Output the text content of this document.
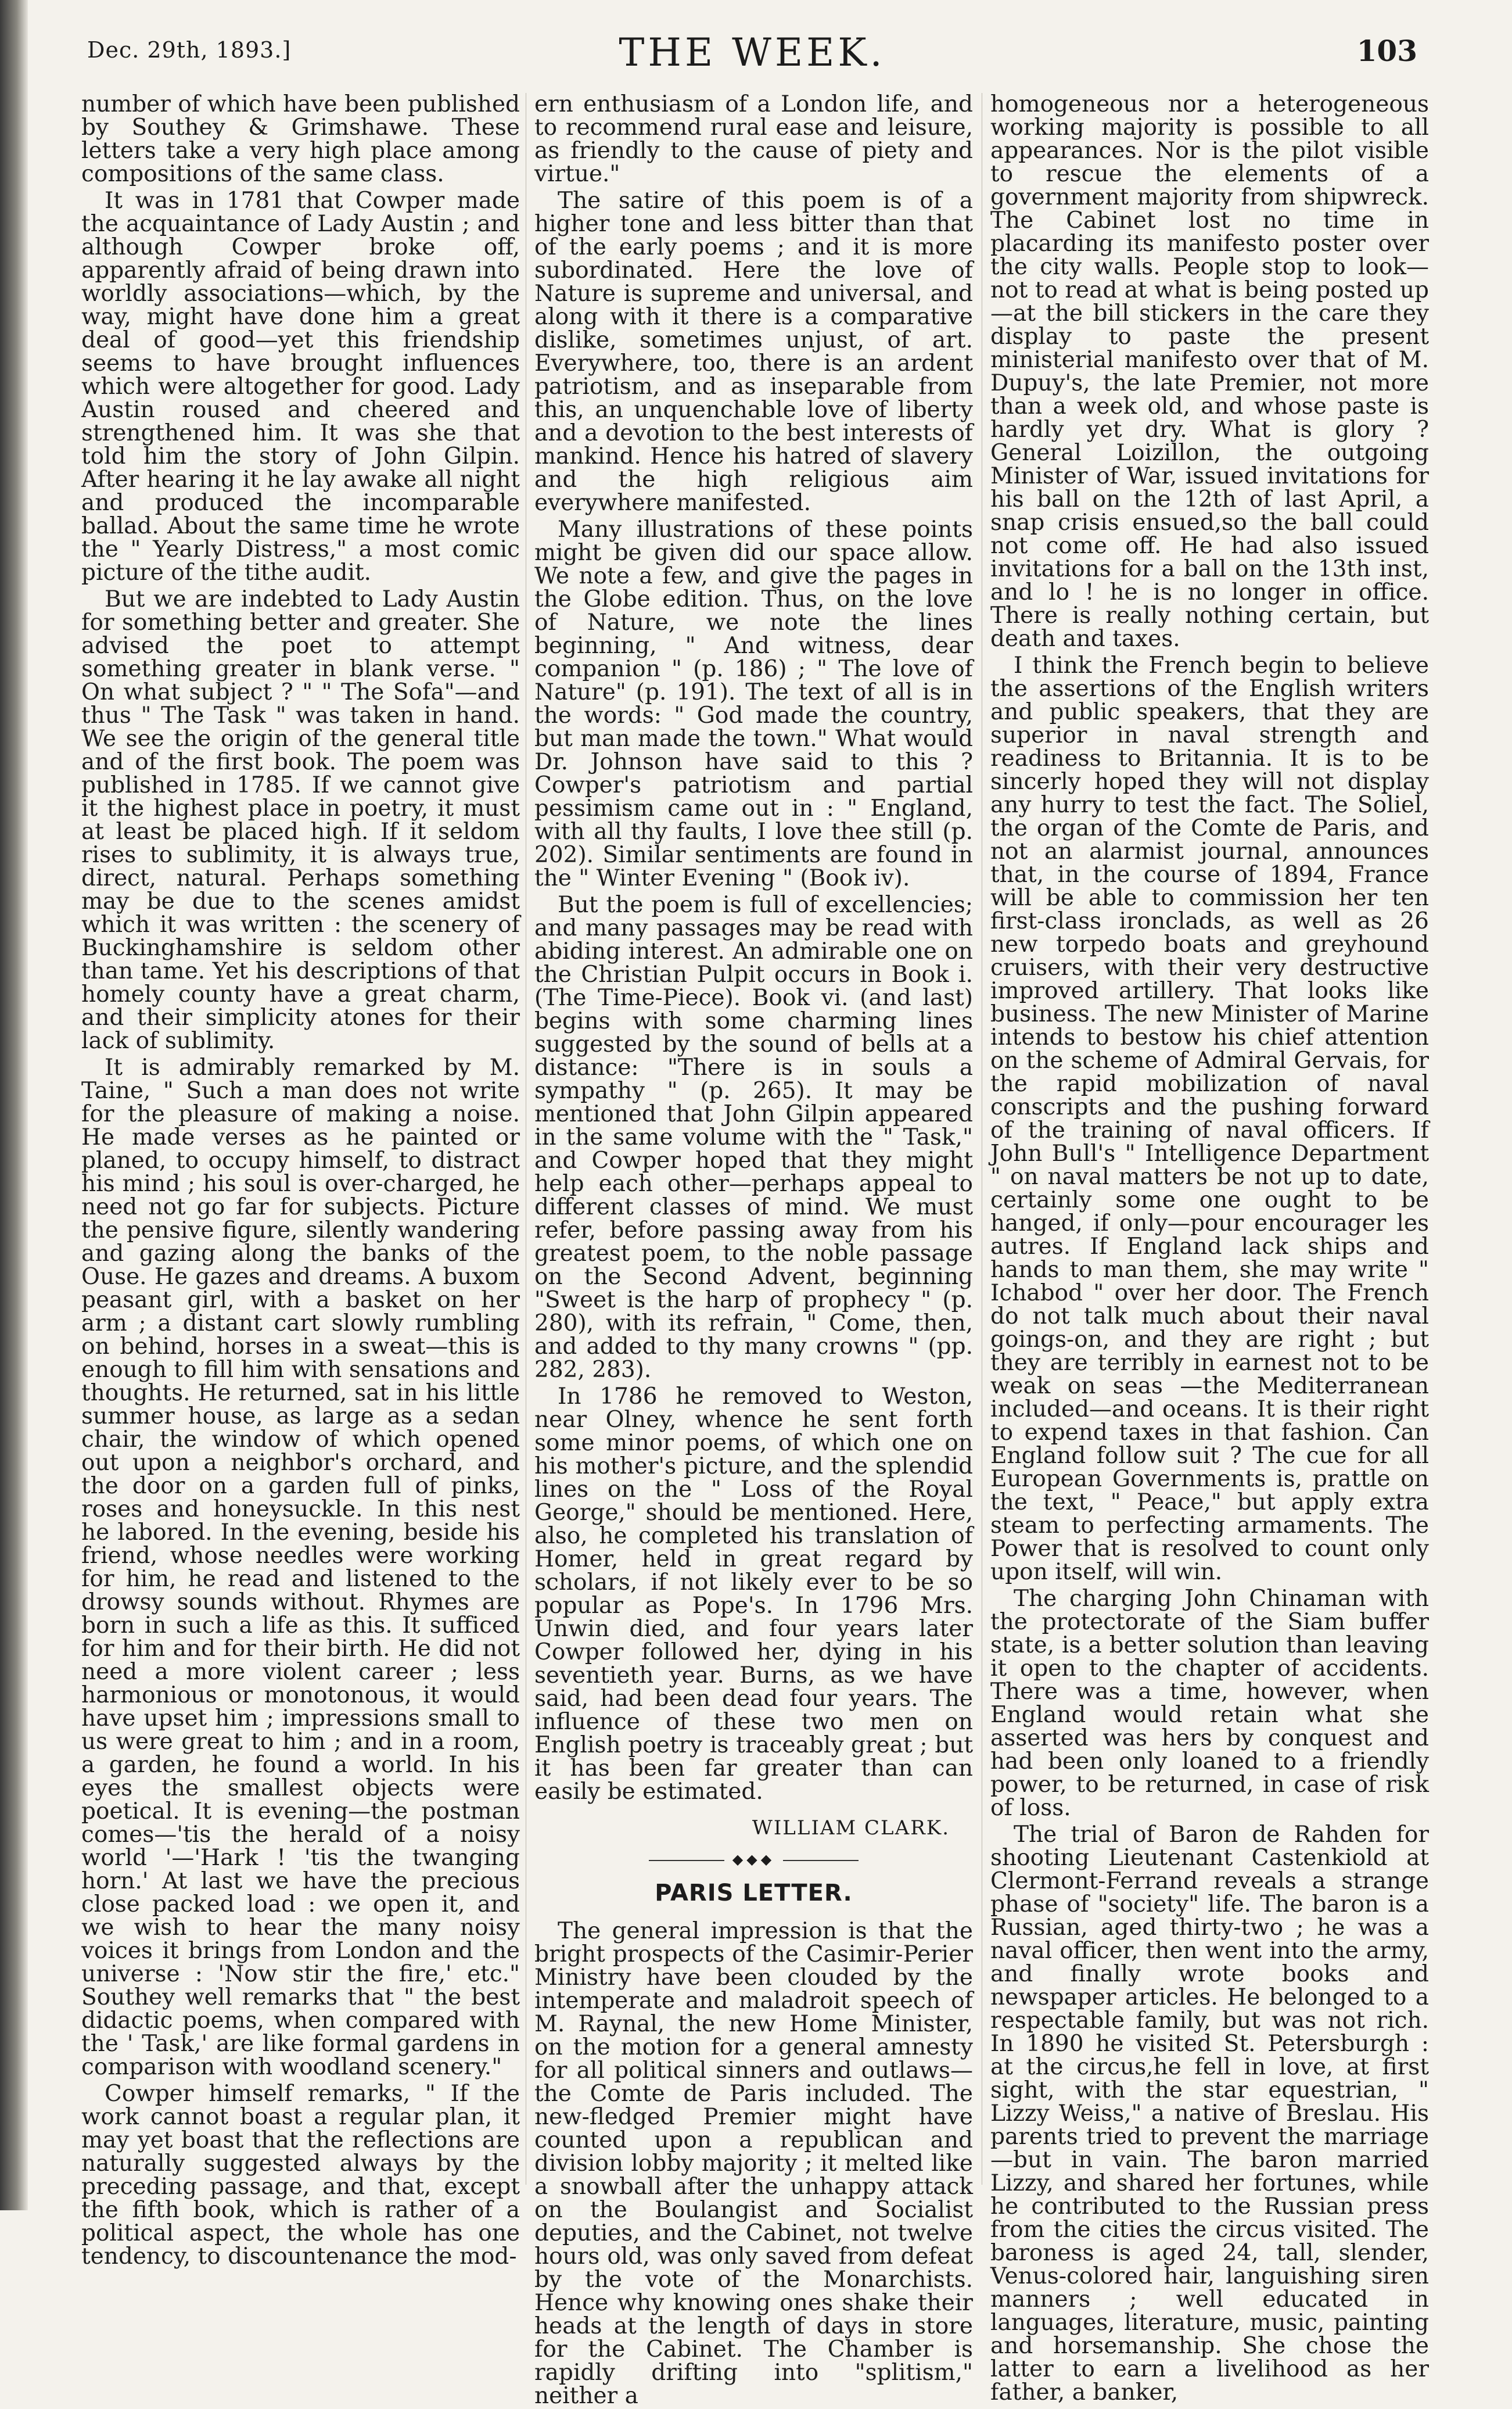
Dec. 29th, 1893.]	THE WEEK.	103

number of which have been published by Southey & Grimshawe. These letters take a very high place among compositions of the same class.

It was in 1781 that Cowper made the acquaintance of Lady Austin ; and although Cowper broke off, apparently afraid of being drawn into worldly associations—which, by the way, might have done him a great deal of good—yet this friendship seems to have brought influences which were altogether for good. Lady Austin roused and cheered and strengthened him. It was she that told him the story of John Gilpin. After hearing it he lay awake all night and produced the incomparable ballad. About the same time he wrote the " Yearly Distress," a most comic picture of the tithe audit.

But we are indebted to Lady Austin for something better and greater. She advised the poet to attempt something greater in blank verse. " On what subject ? " " The Sofa"—and thus " The Task " was taken in hand. We see the origin of the general title and of the first book. The poem was published in 1785. If we cannot give it the highest place in poetry, it must at least be placed high. If it seldom rises to sublimity, it is always true, direct, natural. Perhaps something may be due to the scenes amidst which it was written : the scenery of Buckinghamshire is seldom other than tame. Yet his descriptions of that homely county have a great charm, and their simplicity atones for their lack of sublimity.

It is admirably remarked by M. Taine, " Such a man does not write for the pleasure of making a noise. He made verses as he painted or planed, to occupy himself, to distract his mind ; his soul is over-charged, he need not go far for subjects. Picture the pensive figure, silently wandering and gazing along the banks of the Ouse. He gazes and dreams. A buxom peasant girl, with a basket on her arm ; a distant cart slowly rumbling on behind, horses in a sweat—this is enough to fill him with sensations and thoughts. He returned, sat in his little summer house, as large as a sedan chair, the window of which opened out upon a neighbor's orchard, and the door on a garden full of pinks, roses and honeysuckle. In this nest he labored. In the evening, beside his friend, whose needles were working for him, he read and listened to the drowsy sounds without. Rhymes are born in such a life as this. It sufficed for him and for their birth. He did not need a more violent career ; less harmonious or monotonous, it would have upset him ; impressions small to us were great to him ; and in a room, a garden, he found a world. In his eyes the smallest objects were poetical. It is evening—the postman comes—'tis the herald of a noisy world '—'Hark ! 'tis the twanging horn.' At last we have the precious close packed load : we open it, and we wish to hear the many noisy voices it brings from London and the universe : 'Now stir the fire,' etc." Southey well remarks that " the best didactic poems, when compared with the ' Task,' are like formal gardens in comparison with woodland scenery."

Cowper himself remarks, " If the work cannot boast a regular plan, it may yet boast that the reflections are naturally suggested always by the preceding passage, and that, except the fifth book, which is rather of a political aspect, the whole has one tendency, to discountenance the mod-

ern enthusiasm of a London life, and to recommend rural ease and leisure, as friendly to the cause of piety and virtue."

The satire of this poem is of a higher tone and less bitter than that of the early poems ; and it is more subordinated. Here the love of Nature is supreme and universal, and along with it there is a comparative dislike, sometimes unjust, of art. Everywhere, too, there is an ardent patriotism, and as inseparable from this, an unquenchable love of liberty and a devotion to the best interests of mankind. Hence his hatred of slavery and the high religious aim everywhere manifested.

Many illustrations of these points might be given did our space allow. We note a few, and give the pages in the Globe edition. Thus, on the love of Nature, we note the lines beginning, " And witness, dear companion " (p. 186) ; " The love of Nature" (p. 191). The text of all is in the words: " God made the country, but man made the town." What would Dr. Johnson have said to this ? Cowper's patriotism and partial pessimism came out in : " England, with all thy faults, I love thee still (p. 202). Similar sentiments are found in the " Winter Evening " (Book iv).

But the poem is full of excellencies; and many passages may be read with abiding interest. An admirable one on the Christian Pulpit occurs in Book i. (The Time-Piece). Book vi. (and last) begins with some charming lines suggested by the sound of bells at a distance: "There is in souls a sympathy " (p. 265). It may be mentioned that John Gilpin appeared in the same volume with the " Task," and Cowper hoped that they might help each other—perhaps appeal to different classes of mind. We must refer, before passing away from his greatest poem, to the noble passage on the Second Advent, beginning "Sweet is the harp of prophecy " (p. 280), with its refrain, " Come, then, and added to thy many crowns " (pp. 282, 283).

In 1786 he removed to Weston, near Olney, whence he sent forth some minor poems, of which one on his mother's picture, and the splendid lines on the " Loss of the Royal George," should be mentioned. Here, also, he completed his translation of Homer, held in great regard by scholars, if not likely ever to be so popular as Pope's. In 1796 Mrs. Unwin died, and four years later Cowper followed her, dying in his seventieth year. Burns, as we have said, had been dead four years. The influence of these two men on English poetry is traceably great ; but it has been far greater than can easily be estimated.

WILLIAM CLARK.
◆◆◆
PARIS LETTER.

The general impression is that the bright prospects of the Casimir-Perier Ministry have been clouded by the intemperate and maladroit speech of M. Raynal, the new Home Minister, on the motion for a general amnesty for all political sinners and outlaws—the Comte de Paris included. The new-fledged Premier might have counted upon a republican and division lobby majority ; it melted like a snowball after the unhappy attack on the Boulangist and Socialist deputies, and the Cabinet, not twelve hours old, was only saved from defeat by the vote of the Monarchists. Hence why knowing ones shake their heads at the length of days in store for the Cabinet. The Chamber is rapidly drifting into "splitism," neither a

homogeneous nor a heterogeneous working majority is possible to all appearances. Nor is the pilot visible to rescue the elements of a government majority from shipwreck. The Cabinet lost no time in placarding its manifesto poster over the city walls. People stop to look—not to read at what is being posted up—at the bill stickers in the care they display to paste the present ministerial manifesto over that of M. Dupuy's, the late Premier, not more than a week old, and whose paste is hardly yet dry. What is glory ? General Loizillon, the outgoing Minister of War, issued invitations for his ball on the 12th of last April, a snap crisis ensued,so the ball could not come off. He had also issued invitations for a ball on the 13th inst, and lo ! he is no longer in office. There is really nothing certain, but death and taxes.

I think the French begin to believe the assertions of the English writers and public speakers, that they are superior in naval strength and readiness to Britannia. It is to be sincerly hoped they will not display any hurry to test the fact. The Soliel, the organ of the Comte de Paris, and not an alarmist journal, announces that, in the course of 1894, France will be able to commission her ten first-class ironclads, as well as 26 new torpedo boats and greyhound cruisers, with their very destructive improved artillery. That looks like business. The new Minister of Marine intends to bestow his chief attention on the scheme of Admiral Gervais, for the rapid mobilization of naval conscripts and the pushing forward of the training of naval officers. If John Bull's " Intelligence Department " on naval matters be not up to date, certainly some one ought to be hanged, if only—pour encourager les autres. If England lack ships and hands to man them, she may write " Ichabod " over her door. The French do not talk much about their naval goings-on, and they are right ; but they are terribly in earnest not to be weak on seas —the Mediterranean included—and oceans. It is their right to expend taxes in that fashion. Can England follow suit ? The cue for all European Governments is, prattle on the text, " Peace," but apply extra steam to perfecting armaments. The Power that is resolved to count only upon itself, will win.

The charging John Chinaman with the protectorate of the Siam buffer state, is a better solution than leaving it open to the chapter of accidents. There was a time, however, when England would retain what she asserted was hers by conquest and had been only loaned to a friendly power, to be returned, in case of risk of loss.

The trial of Baron de Rahden for shooting Lieutenant Castenkiold at Clermont-Ferrand reveals a strange phase of "society" life. The baron is a Russian, aged thirty-two ; he was a naval officer, then went into the army, and finally wrote books and newspaper articles. He belonged to a respectable family, but was not rich. In 1890 he visited St. Petersburgh : at the circus,he fell in love, at first sight, with the star equestrian, " Lizzy Weiss," a native of Breslau. His parents tried to prevent the marriage—but in vain. The baron married Lizzy, and shared her fortunes, while he contributed to the Russian press from the cities the circus visited. The baroness is aged 24, tall, slender, Venus-colored hair, languishing siren manners ; well educated in languages, literature, music, painting and horsemanship. She chose the latter to earn a livelihood as her father, a banker,
